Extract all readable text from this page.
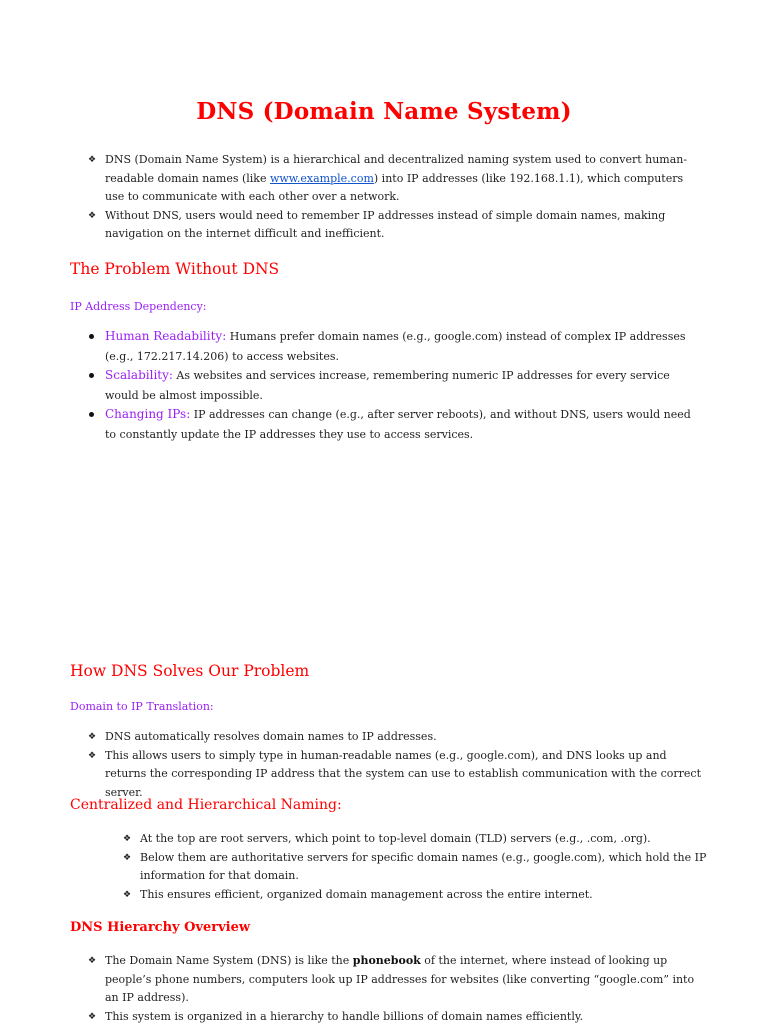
DNS (Domain Name System)
❖ DNS (Domain Name System) is a hierarchical and decentralized naming system used to convert human-readable domain names (like www.example.com) into IP addresses (like 192.168.1.1), which computers use to communicate with each other over a network.
❖ Without DNS, users would need to remember IP addresses instead of simple domain names, making navigation on the internet difficult and inefficient.
The Problem Without DNS
IP Address Dependency:
Human Readability: Humans prefer domain names (e.g., google.com) instead of complex IP addresses (e.g., 172.217.14.206) to access websites.
Scalability: As websites and services increase, remembering numeric IP addresses for every service would be almost impossible.
Changing IPs: IP addresses can change (e.g., after server reboots), and without DNS, users would need to constantly update the IP addresses they use to access services.
How DNS Solves Our Problem
Domain to IP Translation:
❖ DNS automatically resolves domain names to IP addresses.
❖ This allows users to simply type in human-readable names (e.g., google.com), and DNS looks up and returns the corresponding IP address that the system can use to establish communication with the correct server.
Centralized and Hierarchical Naming:
❖ At the top are root servers, which point to top-level domain (TLD) servers (e.g., .com, .org).
❖ Below them are authoritative servers for specific domain names (e.g., google.com), which hold the IP information for that domain.
❖ This ensures efficient, organized domain management across the entire internet.
DNS Hierarchy Overview
❖ The Domain Name System (DNS) is like the phonebook of the internet, where instead of looking up people’s phone numbers, computers look up IP addresses for websites (like converting “google.com” into an IP address).
❖ This system is organized in a hierarchy to handle billions of domain names efficiently.
